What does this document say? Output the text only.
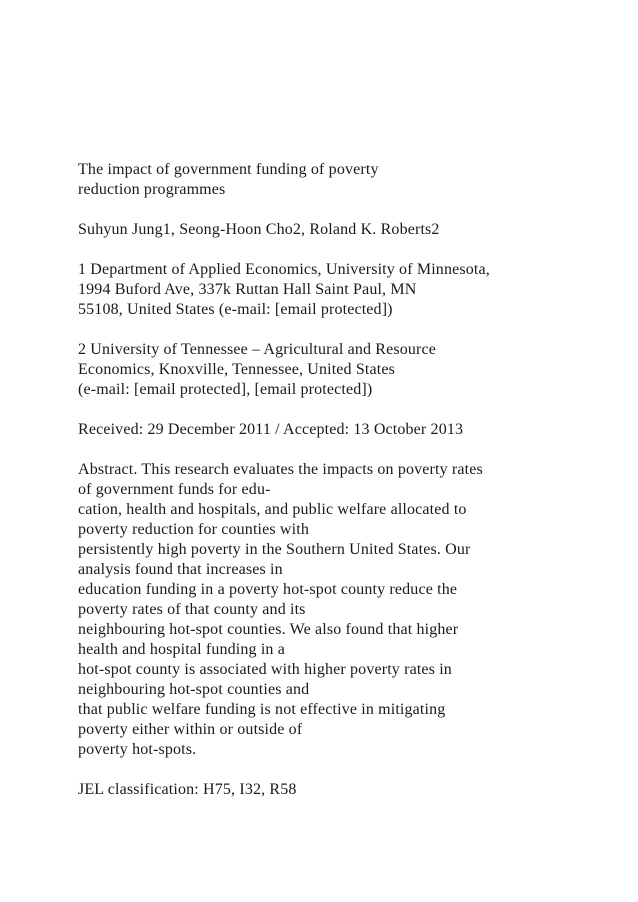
The impact of government funding of poverty
reduction programmes
Suhyun Jung1, Seong-Hoon Cho2, Roland K. Roberts2
1 Department of Applied Economics, University of Minnesota,
1994 Buford Ave, 337k Ruttan Hall Saint Paul, MN
55108, United States (e-mail: [email protected])
2 University of Tennessee – Agricultural and Resource
Economics, Knoxville, Tennessee, United States
(e-mail: [email protected], [email protected])
Received: 29 December 2011 / Accepted: 13 October 2013
Abstract. This research evaluates the impacts on poverty rates
of government funds for edu-
cation, health and hospitals, and public welfare allocated to
poverty reduction for counties with
persistently high poverty in the Southern United States. Our
analysis found that increases in
education funding in a poverty hot-spot county reduce the
poverty rates of that county and its
neighbouring hot-spot counties. We also found that higher
health and hospital funding in a
hot-spot county is associated with higher poverty rates in
neighbouring hot-spot counties and
that public welfare funding is not effective in mitigating
poverty either within or outside of
poverty hot-spots.
JEL classification: H75, I32, R58
